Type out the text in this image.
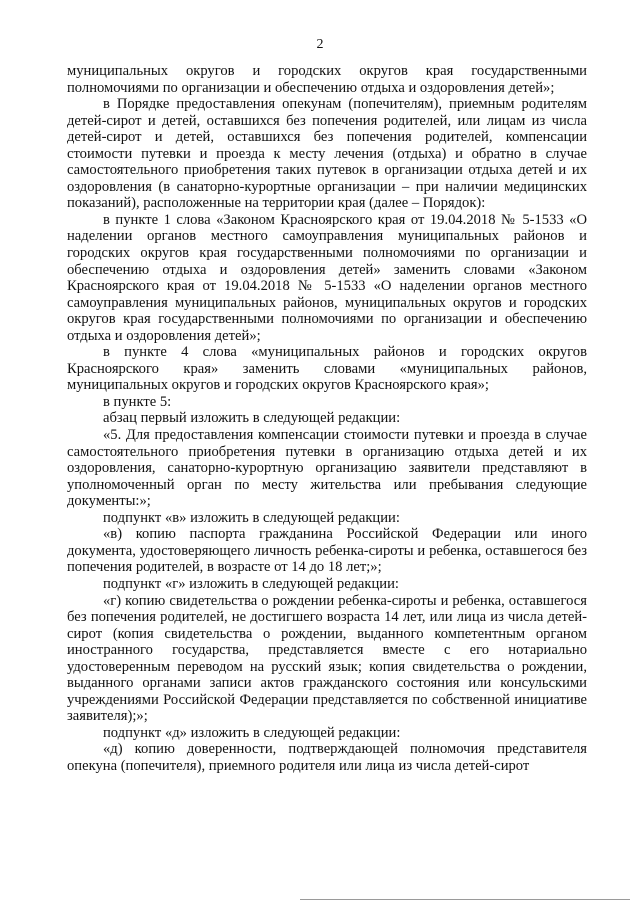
2

муниципальных округов и городских округов края государственными полномочиями по организации и обеспечению отдыха и оздоровления детей»;

в Порядке предоставления опекунам (попечителям), приемным родителям детей-сирот и детей, оставшихся без попечения родителей, или лицам из числа детей-сирот и детей, оставшихся без попечения родителей, компенсации стоимости путевки и проезда к месту лечения (отдыха) и обратно в случае самостоятельного приобретения таких путевок в организации отдыха детей и их оздоровления (в санаторно-курортные организации – при наличии медицинских показаний), расположенные на территории края (далее – Порядок):

в пункте 1 слова «Законом Красноярского края от 19.04.2018 № 5-1533 «О наделении органов местного самоуправления муниципальных районов и городских округов края государственными полномочиями по организации и обеспечению отдыха и оздоровления детей» заменить словами «Законом Красноярского края от 19.04.2018 № 5-1533 «О наделении органов местного самоуправления муниципальных районов, муниципальных округов и городских округов края государственными полномочиями по организации и обеспечению отдыха и оздоровления детей»;

в пункте 4 слова «муниципальных районов и городских округов Красноярского края» заменить словами «муниципальных районов, муниципальных округов и городских округов Красноярского края»;

в пункте 5:

абзац первый изложить в следующей редакции:

«5. Для предоставления компенсации стоимости путевки и проезда в случае самостоятельного приобретения путевки в организацию отдыха детей и их оздоровления, санаторно-курортную организацию заявители представляют в уполномоченный орган по месту жительства или пребывания следующие документы:»;

подпункт «в» изложить в следующей редакции:

«в) копию паспорта гражданина Российской Федерации или иного документа, удостоверяющего личность ребенка-сироты и ребенка, оставшегося без попечения родителей, в возрасте от 14 до 18 лет;»;

подпункт «г» изложить в следующей редакции:

«г) копию свидетельства о рождении ребенка-сироты и ребенка, оставшегося без попечения родителей, не достигшего возраста 14 лет, или лица из числа детей-сирот (копия свидетельства о рождении, выданного компетентным органом иностранного государства, представляется вместе с его нотариально удостоверенным переводом на русский язык; копия свидетельства о рождении, выданного органами записи актов гражданского состояния или консульскими учреждениями Российской Федерации представляется по собственной инициативе заявителя);»;

подпункт «д» изложить в следующей редакции:

«д) копию доверенности, подтверждающей полномочия представителя опекуна (попечителя), приемного родителя или лица из числа детей-сирот
